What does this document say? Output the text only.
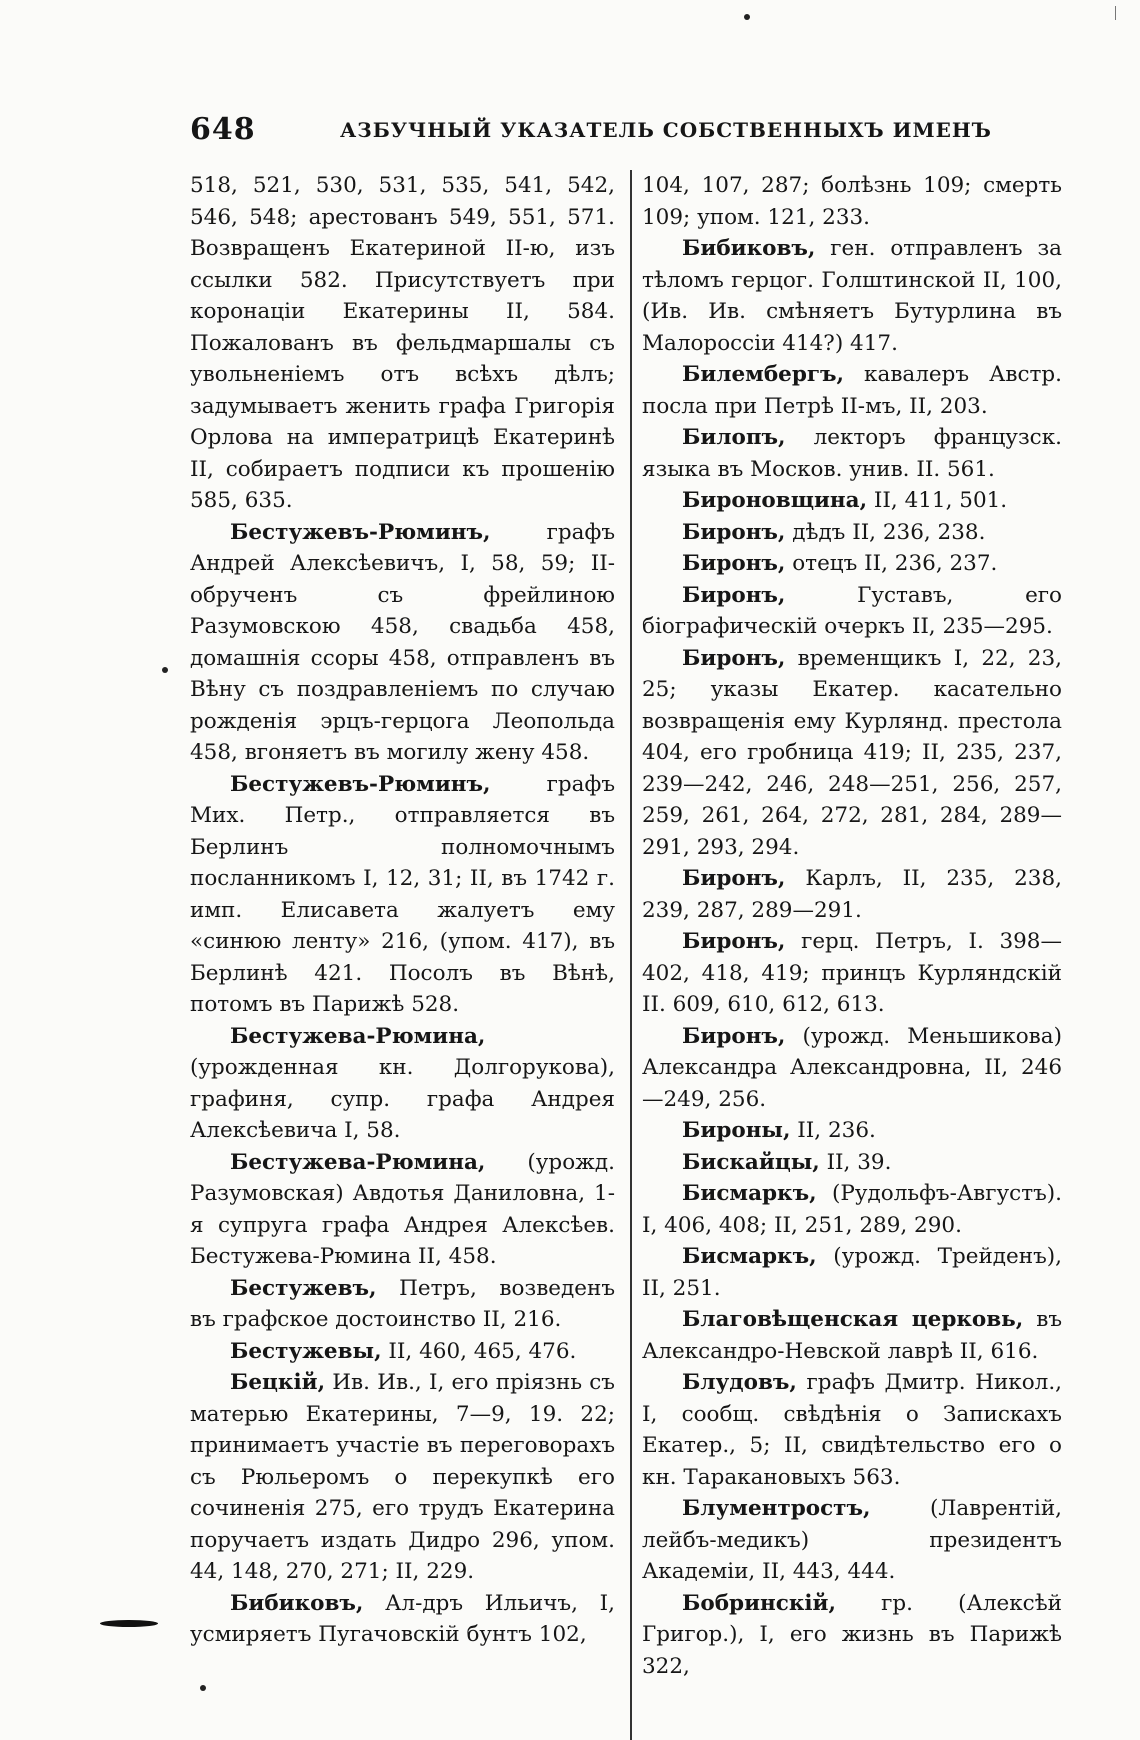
648	АЗБУЧНЫЙ УКАЗАТЕЛЬ СОБСТВЕННЫХЪ ИМЕНЪ

518, 521, 530, 531, 535, 541, 542, 546, 548; арестованъ 549, 551, 571. Возвращенъ Екатериной II-ю, изъ ссылки 582. Присутствуетъ при коронаціи Екатерины II, 584. Пожалованъ въ фельдмаршалы съ увольненіемъ отъ всѣхъ дѣлъ; задумываетъ женить графа Григорія Орлова на императрицѣ Екатеринѣ II, собираетъ подписи къ прошенію 585, 635.

Бестужевъ-Рюминъ, графъ Андрей Алексѣевичъ, I, 58, 59; II-обрученъ съ фрейлиною Разумовскою 458, свадьба 458, домашнія ссоры 458, отправленъ въ Вѣну съ поздравленіемъ по случаю рожденія эрцъ-герцога Леопольда 458, вгоняетъ въ могилу жену 458.

Бестужевъ-Рюминъ, графъ Мих. Петр., отправляется въ Берлинъ полномочнымъ посланникомъ I, 12, 31; II, въ 1742 г. имп. Елисавета жалуетъ ему «синюю ленту» 216, (упом. 417), въ Берлинѣ 421. Посолъ въ Вѣнѣ, потомъ въ Парижѣ 528.

Бестужева-Рюмина, (урожденная кн. Долгорукова), графиня, супр. графа Андрея Алексѣевича I, 58.

Бестужева-Рюмина, (урожд. Разумовская) Авдотья Даниловна, 1-я супруга графа Андрея Алексѣев. Бестужева-Рюмина II, 458.

Бестужевъ, Петръ, возведенъ въ графское достоинство II, 216.

Бестужевы, II, 460, 465, 476.

Бецкій, Ив. Ив., I, его пріязнь съ матерью Екатерины, 7—9, 19. 22; принимаетъ участіе въ переговорахъ съ Рюльеромъ о перекупкѣ его сочиненія 275, его трудъ Екатерина поручаетъ издать Дидро 296, упом. 44, 148, 270, 271; II, 229.

Бибиковъ, Ал-дръ Ильичъ, I, усмиряетъ Пугачовскій бунтъ 102,

104, 107, 287; болѣзнь 109; смерть 109; упом. 121, 233.

Бибиковъ, ген. отправленъ за тѣломъ герцог. Голштинской II, 100, (Ив. Ив. смѣняетъ Бутурлина въ Малороссіи 414?) 417.

Билембергъ, кавалеръ Австр. посла при Петрѣ II-мъ, II, 203.

Билопъ, лекторъ французск. языка въ Москов. унив. II. 561.

Бироновщина, II, 411, 501.

Биронъ, дѣдъ II, 236, 238.

Биронъ, отецъ II, 236, 237.

Биронъ, Густавъ, его біографическій очеркъ II, 235—295.

Биронъ, временщикъ I, 22, 23, 25; указы Екатер. касательно возвращенія ему Курлянд. престола 404, его гробница 419; II, 235, 237, 239—242, 246, 248—251, 256, 257, 259, 261, 264, 272, 281, 284, 289—291, 293, 294.

Биронъ, Карлъ, II, 235, 238, 239, 287, 289—291.

Биронъ, герц. Петръ, I. 398—402, 418, 419; принцъ Курляндскій II. 609, 610, 612, 613.

Биронъ, (урожд. Меньшикова) Александра Александровна, II, 246—249, 256.

Бироны, II, 236.

Бискайцы, II, 39.

Бисмаркъ, (Рудольфъ-Августъ). I, 406, 408; II, 251, 289, 290.

Бисмаркъ, (урожд. Трейденъ), II, 251.

Благовѣщенская церковь, въ Александро-Невской лаврѣ II, 616.

Блудовъ, графъ Дмитр. Никол., I, сообщ. свѣдѣнія о Запискахъ Екатер., 5; II, свидѣтельство его о кн. Таракановыхъ 563.

Блументростъ, (Лаврентій, лейбъ-медикъ) президентъ Академіи, II, 443, 444.

Бобринскій, гр. (Алексѣй Григор.), I, его жизнь въ Парижѣ 322,
